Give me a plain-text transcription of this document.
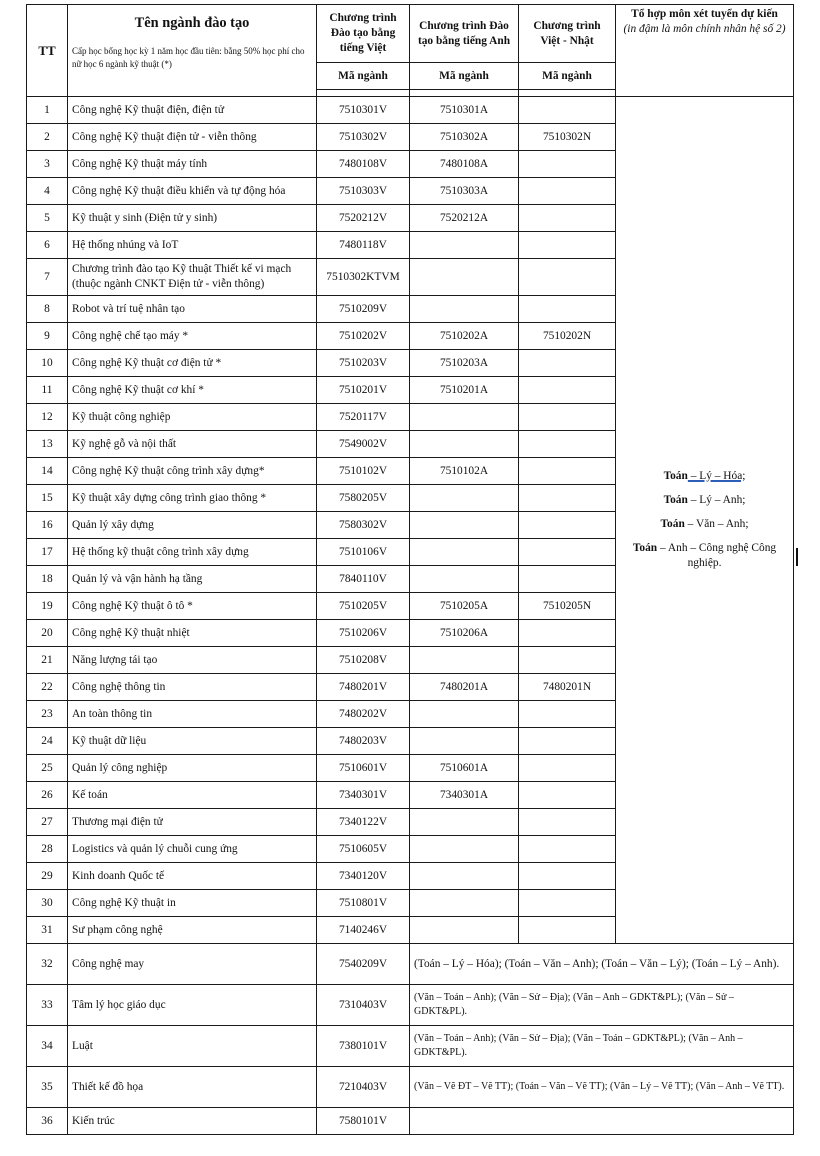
TT	Tên ngành đào tạo
Cấp học bổng học kỳ 1 năm học đầu tiên: bằng 50% học phí cho nữ học 6 ngành kỹ thuật (*)	Chương trình Đào tạo bằng tiếng Việt	Chương trình Đào tạo bằng tiếng Anh	Chương trình Việt - Nhật	Tổ hợp môn xét tuyển dự kiến
(in đậm là môn chính nhân hệ số 2)

		Mã ngành	Mã ngành	Mã ngành	

1	Công nghệ Kỹ thuật điện, điện tử	7510301V	7510301A		Toán – Lý – Hóa;
Toán – Lý – Anh;
Toán – Văn – Anh;
Toán – Anh – Công nghệ Công nghiệp.

2	Công nghệ Kỹ thuật điện tử - viễn thông	7510302V	7510302A	7510302N	
3	Công nghệ Kỹ thuật máy tính	7480108V	7480108A		
4	Công nghệ Kỹ thuật điều khiển và tự động hóa	7510303V	7510303A		
5	Kỹ thuật y sinh (Điện tử y sinh)	7520212V	7520212A		
6	Hệ thống nhúng và IoT	7480118V			
7	Chương trình đào tạo Kỹ thuật Thiết kế vi mạch (thuộc ngành CNKT Điện tử - viễn thông)	7510302KTVM			
8	Robot và trí tuệ nhân tạo	7510209V			
9	Công nghệ chế tạo máy *	7510202V	7510202A	7510202N	
10	Công nghệ Kỹ thuật cơ điện tử *	7510203V	7510203A		
11	Công nghệ Kỹ thuật cơ khí *	7510201V	7510201A		
12	Kỹ thuật công nghiệp	7520117V			
13	Kỹ nghệ gỗ và nội thất	7549002V			
14	Công nghệ Kỹ thuật công trình xây dựng*	7510102V	7510102A		
15	Kỹ thuật xây dựng công trình giao thông *	7580205V			
16	Quản lý xây dựng	7580302V			
17	Hệ thống kỹ thuật công trình xây dựng	7510106V			
18	Quản lý và vận hành hạ tầng	7840110V			
19	Công nghệ Kỹ thuật ô tô *	7510205V	7510205A	7510205N	
20	Công nghệ Kỹ thuật nhiệt	7510206V	7510206A		
21	Năng lượng tái tạo	7510208V			
22	Công nghệ thông tin	7480201V	7480201A	7480201N	
23	An toàn thông tin	7480202V			
24	Kỹ thuật dữ liệu	7480203V			
25	Quản lý công nghiệp	7510601V	7510601A		
26	Kế toán	7340301V	7340301A		
27	Thương mại điện tử	7340122V			
28	Logistics và quản lý chuỗi cung ứng	7510605V			
29	Kinh doanh Quốc tế	7340120V			
30	Công nghệ Kỹ thuật in	7510801V			
31	Sư phạm công nghệ	7140246V			
32	Công nghệ may	7540209V	(Toán – Lý – Hóa); (Toán – Văn – Anh); (Toán – Văn – Lý); (Toán – Lý – Anh).		
33	Tâm lý học giáo dục	7310403V	(Văn – Toán – Anh); (Văn – Sử – Địa); (Văn – Anh – GDKT&PL); (Văn – Sử – GDKT&PL).		
34	Luật	7380101V	(Văn – Toán – Anh); (Văn – Sử – Địa); (Văn – Toán – GDKT&PL); (Văn – Anh – GDKT&PL).		
35	Thiết kế đồ họa	7210403V	(Văn – Vẽ ĐT – Vẽ TT); (Toán – Văn – Vẽ TT); (Văn – Lý – Vẽ TT); (Văn – Anh – Vẽ TT).		
36	Kiến trúc	7580101V			
